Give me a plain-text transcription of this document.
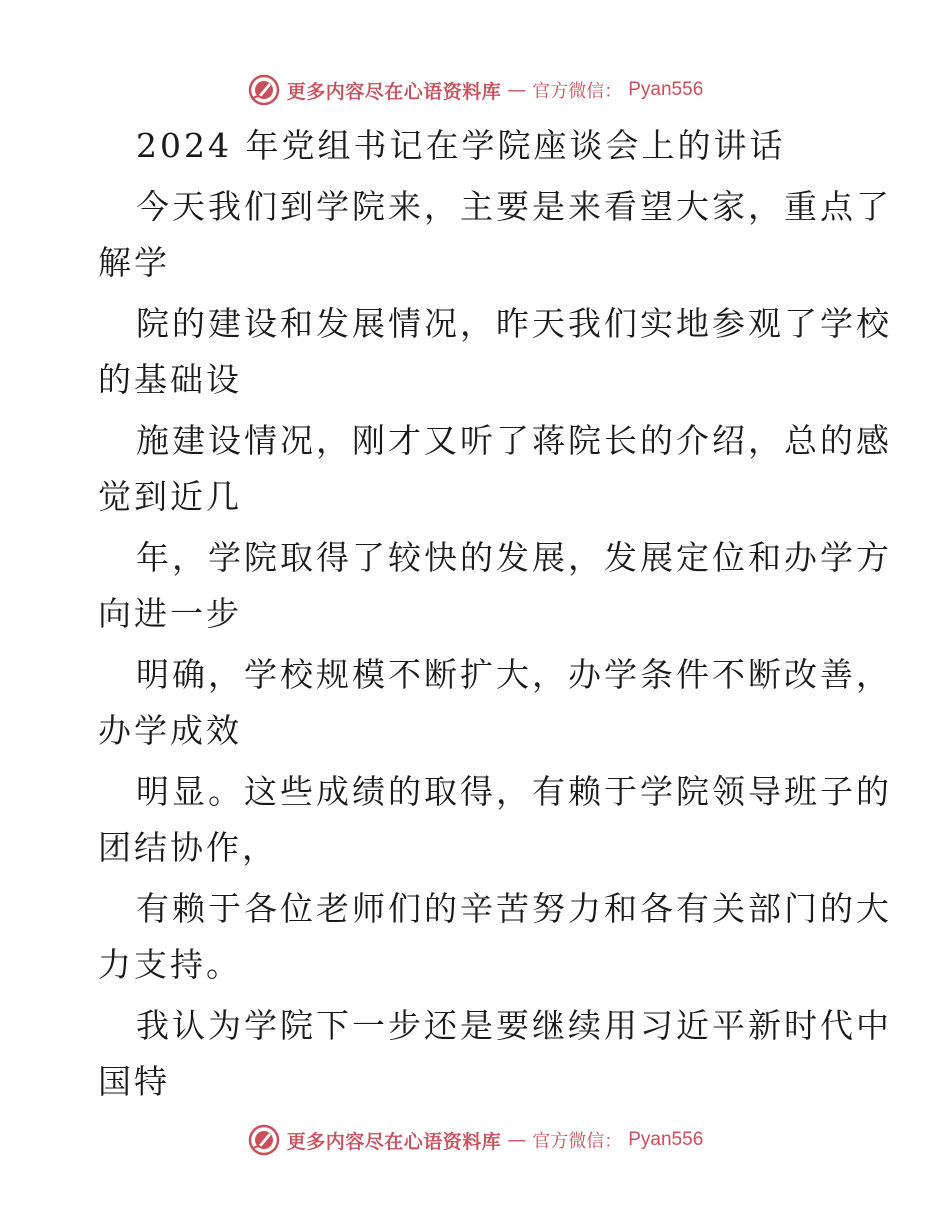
更多内容尽在心语资料库 — 官方微信： Pyan556
2024 年党组书记在学院座谈会上的讲话
今天我们到学院来，主要是来看望大家，重点了
解学
院的建设和发展情况，昨天我们实地参观了学校
的基础设
施建设情况，刚才又听了蒋院长的介绍，总的感
觉到近几
年，学院取得了较快的发展，发展定位和办学方
向进一步
明确，学校规模不断扩大，办学条件不断改善，
办学成效
明显。这些成绩的取得，有赖于学院领导班子的
团结协作，
有赖于各位老师们的辛苦努力和各有关部门的大
力支持。
我认为学院下一步还是要继续用习近平新时代中
国特
更多内容尽在心语资料库 — 官方微信： Pyan556
